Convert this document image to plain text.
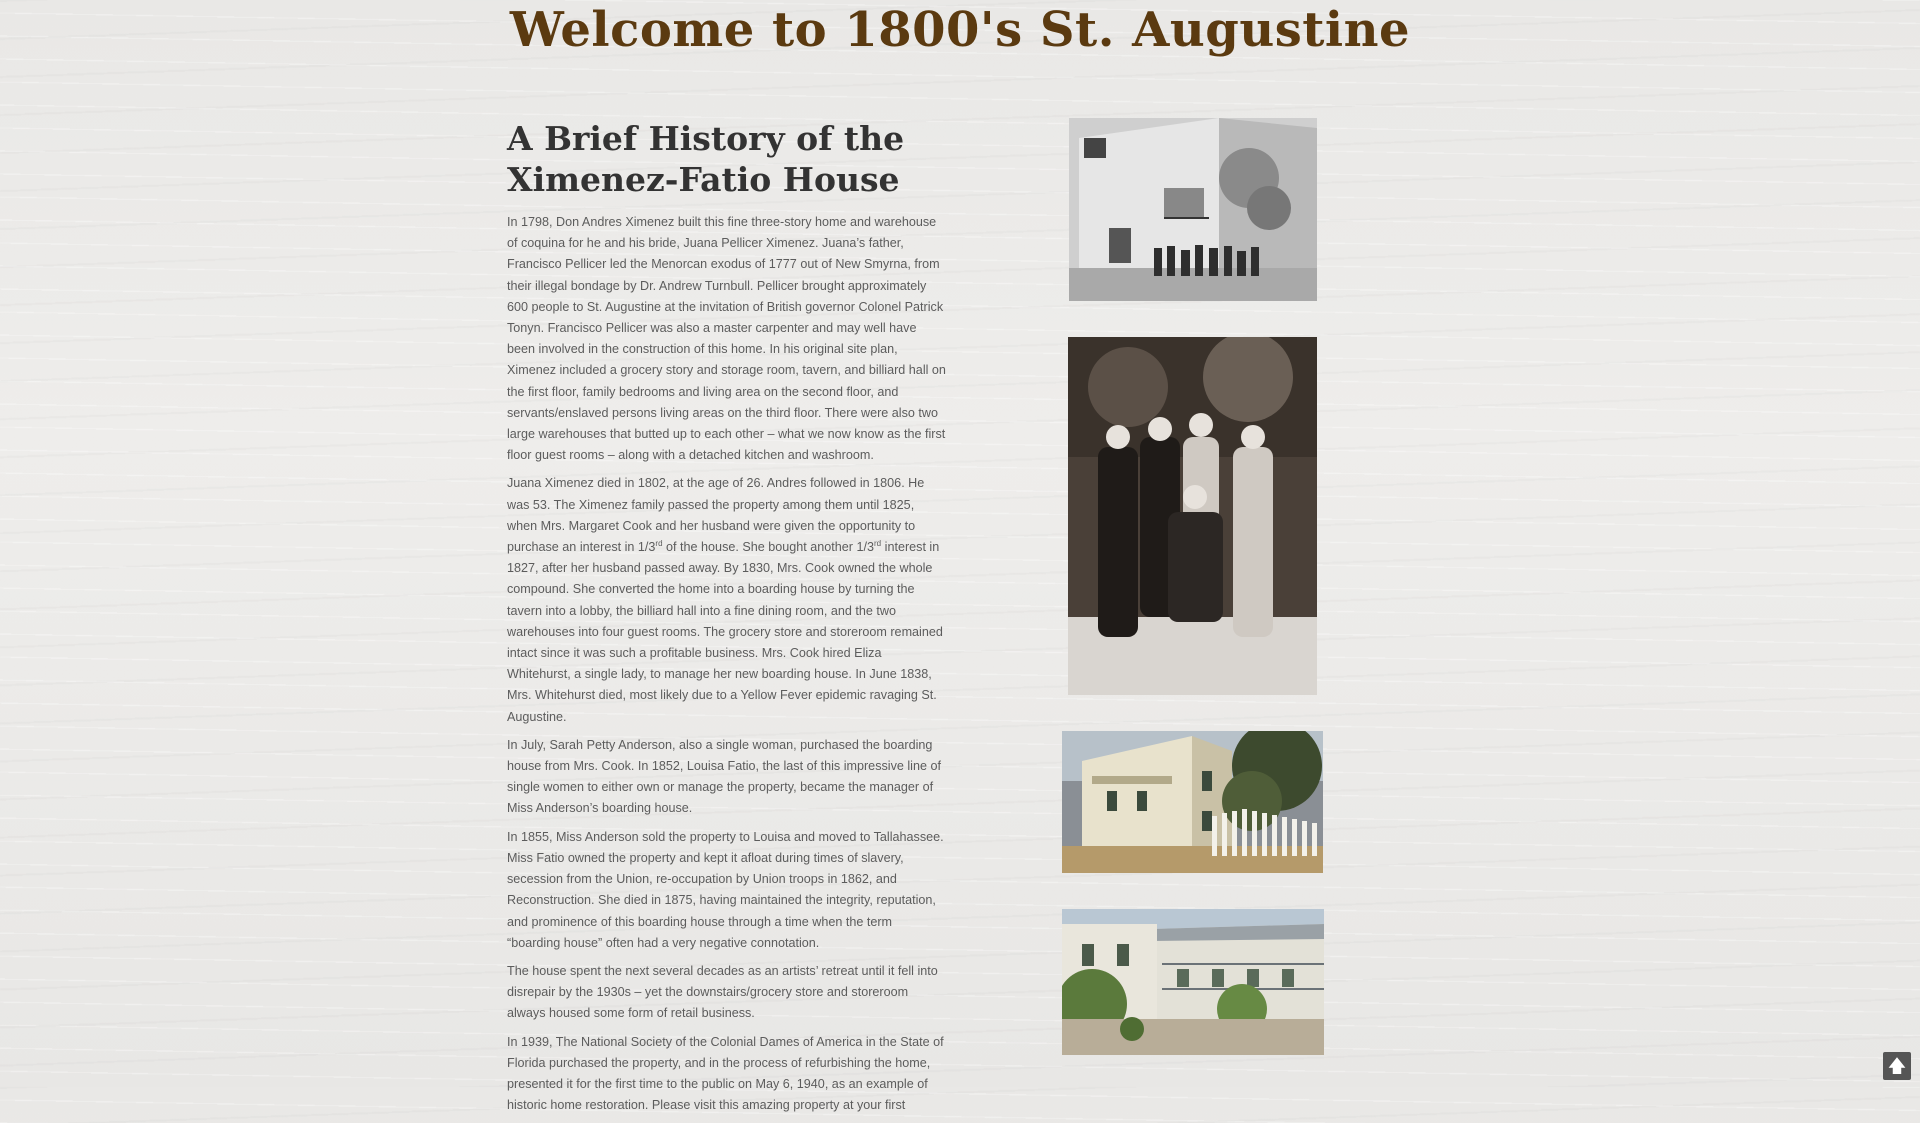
Welcome to 1800's St. Augustine
A Brief History of the
Ximenez-Fatio House

In 1798, Don Andres Ximenez built this fine three-story home and warehouse of coquina for he and his bride, Juana Pellicer Ximenez. Juana’s father, Francisco Pellicer led the Menorcan exodus of 1777 out of New Smyrna, from their illegal bondage by Dr. Andrew Turnbull. Pellicer brought approximately 600 people to St. Augustine at the invitation of British governor Colonel Patrick Tonyn. Francisco Pellicer was also a master carpenter and may well have been involved in the construction of this home. In his original site plan, Ximenez included a grocery story and storage room, tavern, and billiard hall on the first floor, family bedrooms and living area on the second floor, and servants/enslaved persons living areas on the third floor. There were also two large warehouses that butted up to each other – what we now know as the first floor guest rooms – along with a detached kitchen and washroom.

Juana Ximenez died in 1802, at the age of 26. Andres followed in 1806. He was 53. The Ximenez family passed the property among them until 1825, when Mrs. Margaret Cook and her husband were given the opportunity to purchase an interest in 1/3rd of the house. She bought another 1/3rd interest in 1827, after her husband passed away. By 1830, Mrs. Cook owned the whole compound. She converted the home into a boarding house by turning the tavern into a lobby, the billiard hall into a fine dining room, and the two warehouses into four guest rooms. The grocery store and storeroom remained intact since it was such a profitable business. Mrs. Cook hired Eliza Whitehurst, a single lady, to manage her new boarding house. In June 1838, Mrs. Whitehurst died, most likely due to a Yellow Fever epidemic ravaging St. Augustine.

In July, Sarah Petty Anderson, also a single woman, purchased the boarding house from Mrs. Cook. In 1852, Louisa Fatio, the last of this impressive line of single women to either own or manage the property, became the manager of Miss Anderson’s boarding house.

In 1855, Miss Anderson sold the property to Louisa and moved to Tallahassee. Miss Fatio owned the property and kept it afloat during times of slavery, secession from the Union, re-occupation by Union troops in 1862, and Reconstruction. She died in 1875, having maintained the integrity, reputation, and prominence of this boarding house through a time when the term “boarding house” often had a very negative connotation.

The house spent the next several decades as an artists’ retreat until it fell into disrepair by the 1930s – yet the downstairs/grocery store and storeroom always housed some form of retail business.

In 1939, The National Society of the Colonial Dames of America in the State of Florida purchased the property, and in the process of refurbishing the home, presented it for the first time to the public on May 6, 1940, as an example of historic home restoration. Please visit this amazing property at your first

🡅
